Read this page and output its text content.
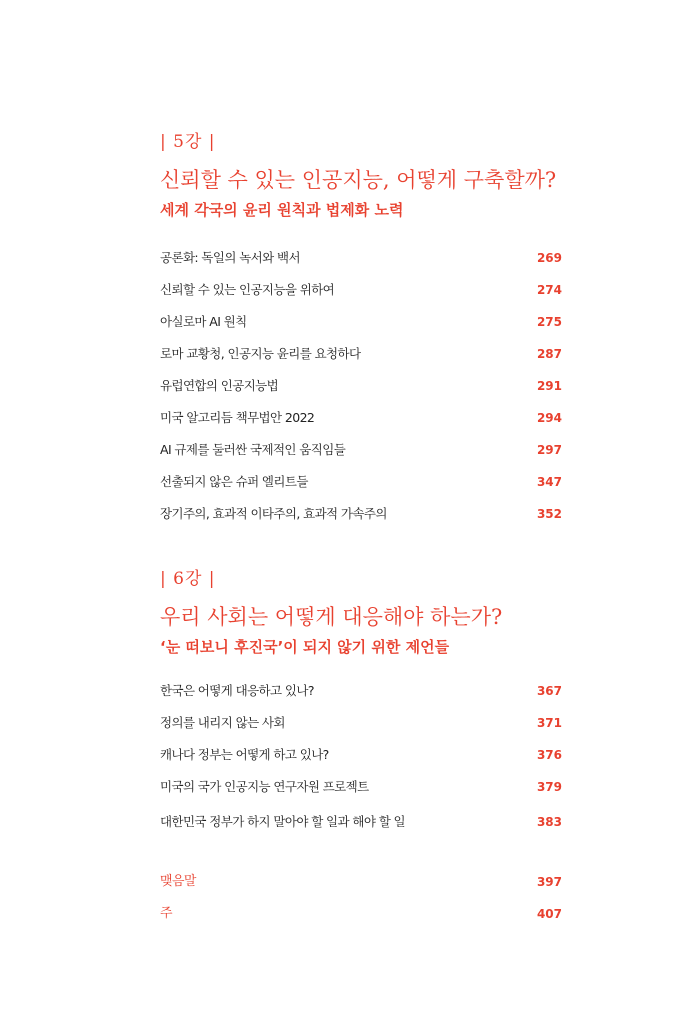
| 5강 |
신뢰할 수 있는 인공지능, 어떻게 구축할까?
세계 각국의 윤리 원칙과 법제화 노력
공론화: 독일의 녹서와 백서	269
신뢰할 수 있는 인공지능을 위하여	274
아실로마 AI 원칙	275
로마 교황청, 인공지능 윤리를 요청하다	287
유럽연합의 인공지능법	291
미국 알고리듬 책무법안 2022	294
AI 규제를 둘러싼 국제적인 움직임들	297
선출되지 않은 슈퍼 엘리트들	347
장기주의, 효과적 이타주의, 효과적 가속주의	352
| 6강 |
우리 사회는 어떻게 대응해야 하는가?
‘눈 떠보니 후진국’이 되지 않기 위한 제언들
한국은 어떻게 대응하고 있나?	367
정의를 내리지 않는 사회	371
캐나다 정부는 어떻게 하고 있나?	376
미국의 국가 인공지능 연구자원 프로젝트	379
대한민국 정부가 하지 말아야 할 일과 해야 할 일	383
맺음말	397
주	407
